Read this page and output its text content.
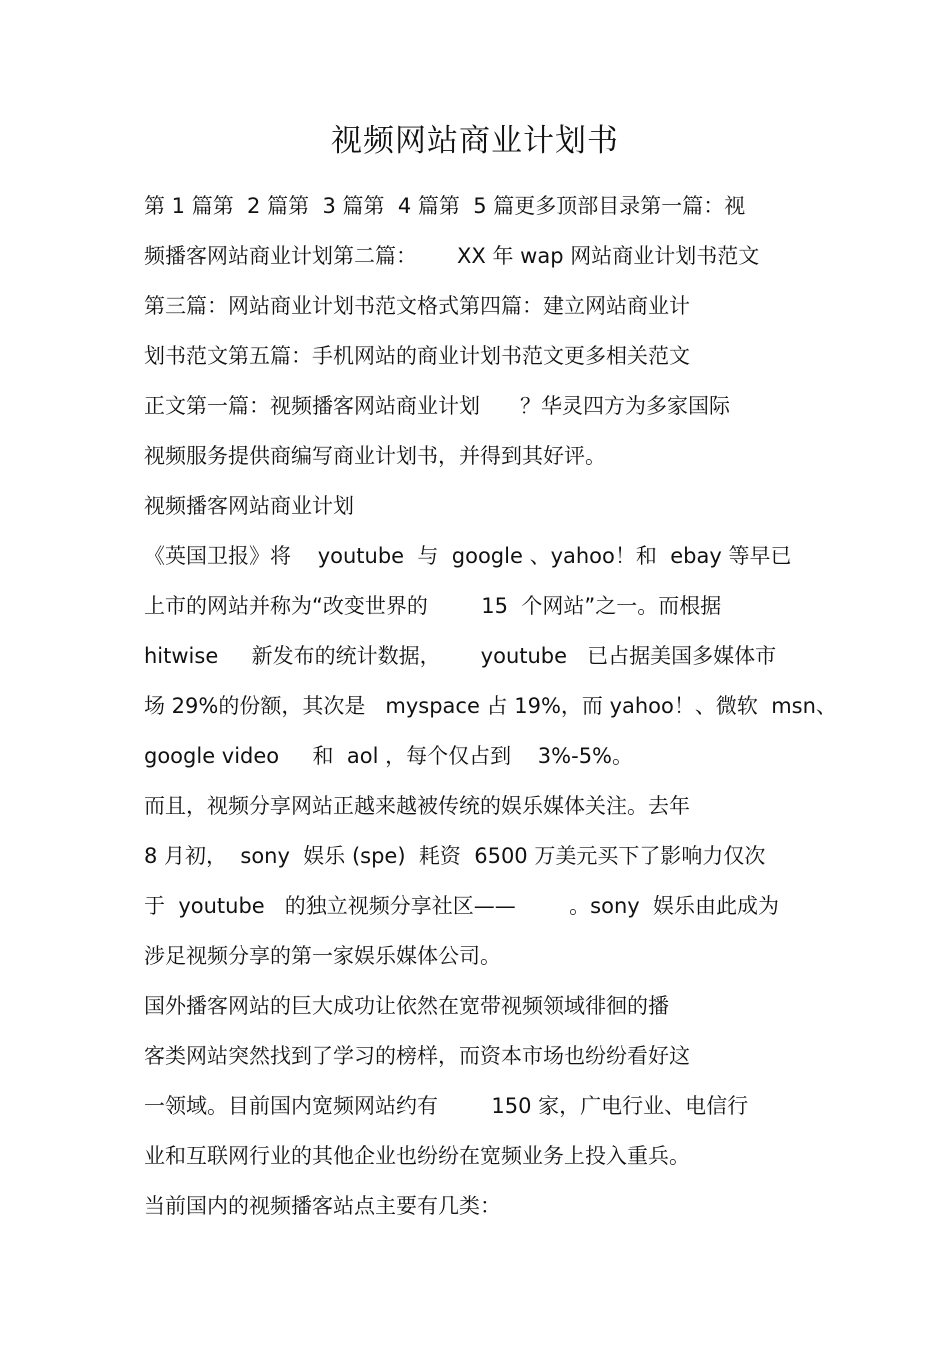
视频网站商业计划书
第 1 篇第  2 篇第  3 篇第  4 篇第  5 篇更多顶部目录第一篇：视
频播客网站商业计划第二篇：      XX 年 wap 网站商业计划书范文
第三篇：网站商业计划书范文格式第四篇：建立网站商业计
划书范文第五篇：手机网站的商业计划书范文更多相关范文
正文第一篇：视频播客网站商业计划      ？华灵四方为多家国际
视频服务提供商编写商业计划书，并得到其好评。
视频播客网站商业计划
《英国卫报》将    youtube  与  google 、yahoo！和  ebay 等早已
上市的网站并称为“改变世界的        15  个网站”之一。而根据
hitwise     新发布的统计数据，      youtube   已占据美国多媒体市
场 29%的份额，其次是   myspace 占 19%，而 yahoo！、微软  msn、
google video     和  aol ，每个仅占到    3%-5%。
而且，视频分享网站正越来越被传统的娱乐媒体关注。去年
8 月初，  sony  娱乐 (spe)  耗资  6500 万美元买下了影响力仅次
于  youtube   的独立视频分享社区——        。sony  娱乐由此成为
涉足视频分享的第一家娱乐媒体公司。
国外播客网站的巨大成功让依然在宽带视频领域徘徊的播
客类网站突然找到了学习的榜样，而资本市场也纷纷看好这
一领域。目前国内宽频网站约有        150 家，广电行业、电信行
业和互联网行业的其他企业也纷纷在宽频业务上投入重兵。
当前国内的视频播客站点主要有几类：
